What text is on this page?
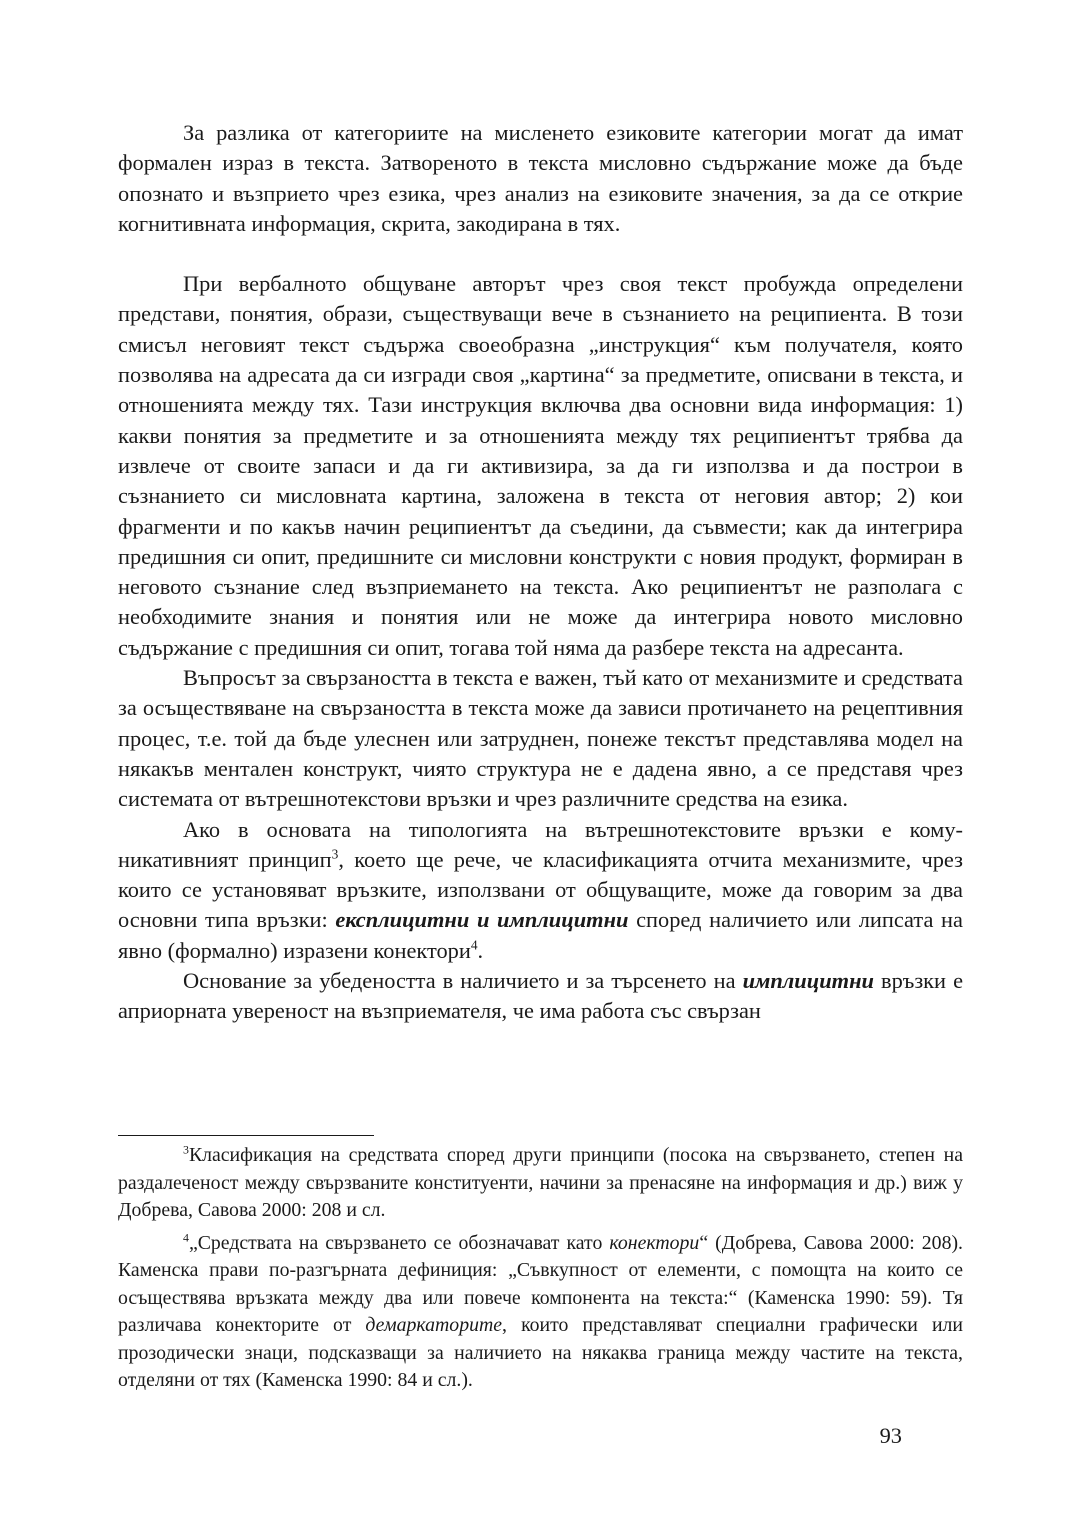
За разлика от категориите на мисленето езиковите категории могат да имат формален израз в текста. Затвореното в текста мисловно съдържание може да бъде опознато и възприето чрез езика, чрез анализ на езиковите значения, за да се открие когнитивната информация, скрита, закодирана в тях.

При вербалното общуване авторът чрез своя текст пробужда определени представи, понятия, образи, съществуващи вече в съзнанието на реципиента. В този смисъл неговият текст съдържа своеобразна „инструкция“ към получателя, която позволява на адресата да си изгради своя „картина“ за предметите, описвани в текста, и отношенията между тях. Тази инструкция включва два основни вида информация: 1) какви понятия за предметите и за отношенията между тях реципиентът трябва да извлече от своите запаси и да ги активизира, за да ги използва и да построи в съзнанието си мисловната картина, заложена в текста от неговия автор; 2) кои фрагменти и по какъв начин реципиентът да съедини, да съвмести; как да интегрира предишния си опит, предишните си мисловни конструкти с новия продукт, формиран в неговото съзнание след възприемането на текста. Ако реципиентът не разполага с необходимите знания и понятия или не може да интегрира новото мисловно съдържание с предишния си опит, тогава той няма да разбере текста на адресанта.

Въпросът за свързаността в текста е важен, тъй като от механизмите и средствата за осъществяване на свързаността в текста може да зависи протичането на рецептивния процес, т.е. той да бъде улеснен или затруднен, понеже текстът представлява модел на някакъв ментален конструкт, чиято структура не е дадена явно, а се представя чрез системата от вътрешнотекстови връзки и чрез различните средства на езика.

Ако в основата на типологията на вътрешнотекстовите връзки е комуникативният принцип$^3$, което ще рече, че класификацията отчита механизмите, чрез които се установяват връзките, използвани от общуващите, може да говорим за два основни типа връзки: експлицитни и имплицитни според наличието или липсата на явно (формално) изразени конектори$^4$.

Основание за убедеността в наличието и за търсенето на имплицитни връзки е априорната увереност на възприемателя, че има работа със свързан

$^3$Класификация на средствата според други принципи (посока на свързването, степен на раздалеченост между свързваните конституенти, начини за пренасяне на информация и др.) виж у Добрева, Савова 2000: 208 и сл.

$^4$„Средствата на свързването се обозначават като конектори“ (Добрева, Савова 2000: 208). Каменска прави по-разгърната дефиниция: „Съвкупност от елементи, с помощта на които се осъществява връзката между два или повече компонента на текста:“ (Каменска 1990: 59). Тя различава конекторите от демаркаторите, които представляват специални графически или прозодически знаци, подсказващи за наличието на някаква граница между частите на текста, отделяни от тях (Каменска 1990: 84 и сл.).

93
